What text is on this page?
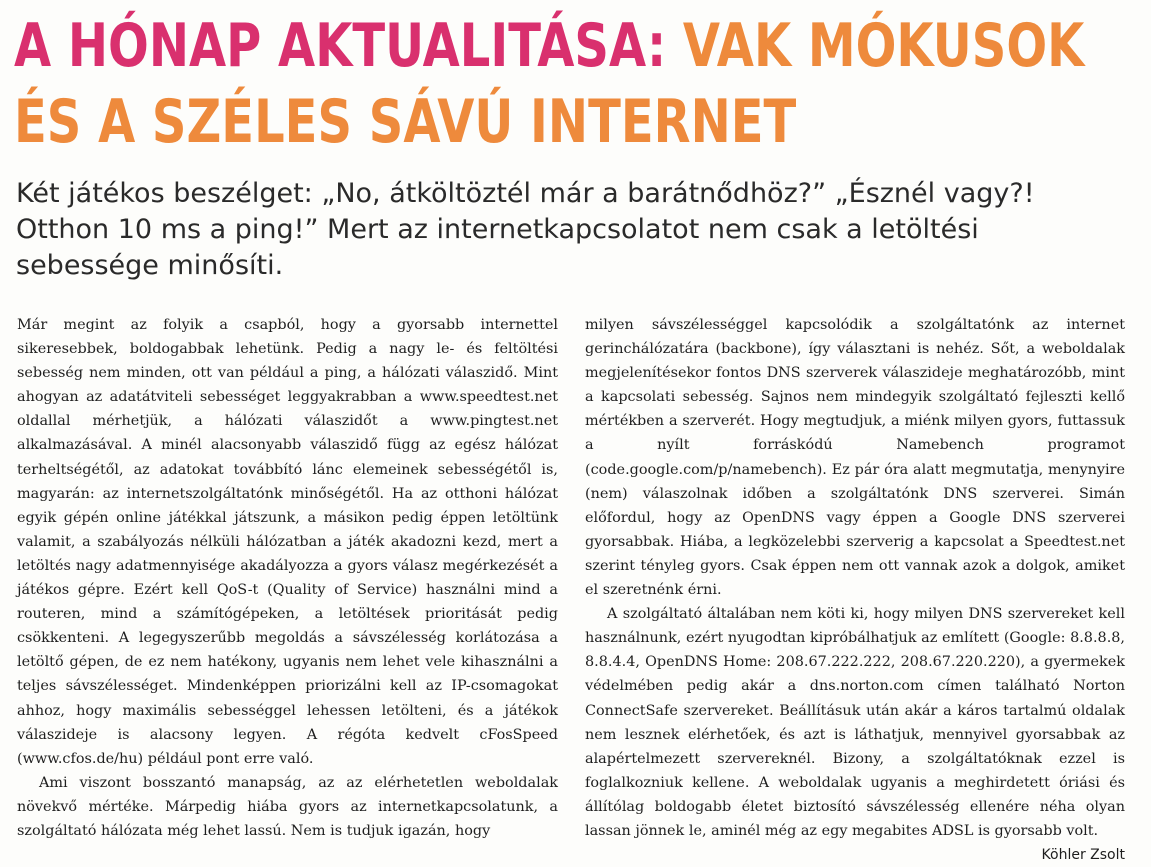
A HÓNAP AKTUALITÁSA: VAK MÓKUSOK
ÉS A SZÉLES SÁVÚ INTERNET

Két játékos beszélget: „No, átköltöztél már a barátnődhöz?” „Észnél vagy?! Otthon 10 ms a ping!” Mert az internetkapcsolatot nem csak a letöltési sebessége minősíti.

Már megint az folyik a csapból, hogy a gyorsabb internettel sikeresebbek, boldogabbak lehetünk. Pedig a nagy le- és feltöltési sebesség nem minden, ott van például a ping, a hálózati válaszidő. Mint ahogyan az adatátviteli sebességet leggyakrabban a www.speedtest.net oldallal mérhetjük, a hálózati válaszidőt a www.pingtest.net alkalmazásával. A minél alacsonyabb válaszidő függ az egész hálózat terheltségétől, az adatokat továbbító lánc elemeinek sebességétől is, magyarán: az internetszolgáltatónk minőségétől. Ha az otthoni hálózat egyik gépén online játékkal játszunk, a másikon pedig éppen letöltünk valamit, a szabályozás nélküli hálózatban a játék akadozni kezd, mert a letöltés nagy adatmennyisége akadályozza a gyors válasz megérkezését a játékos gépre. Ezért kell QoS-t (Quality of Service) használni mind a routeren, mind a számítógépeken, a letöltések prioritását pedig csökkenteni. A legegyszerűbb megoldás a sávszélesség korlátozása a letöltő gépen, de ez nem hatékony, ugyanis nem lehet vele kihasználni a teljes sávszélességet. Mindenképpen priorizálni kell az IP-csomagokat ahhoz, hogy maximális sebességgel lehessen letölteni, és a játékok válaszideje is alacsony legyen. A régóta kedvelt cFosSpeed (www.cfos.de/hu) például pont erre való.

Ami viszont bosszantó manapság, az az elérhetetlen weboldalak növekvő mértéke. Márpedig hiába gyors az internetkapcsolatunk, a szolgáltató hálózata még lehet lassú. Nem is tudjuk igazán, hogy

milyen sávszélességgel kapcsolódik a szolgáltatónk az internet gerinchálózatára (backbone), így választani is nehéz. Sőt, a weboldalak megjelenítésekor fontos DNS szerverek válaszideje meghatározóbb, mint a kapcsolati sebesség. Sajnos nem mindegyik szolgáltató fejleszti kellő mértékben a szerverét. Hogy megtudjuk, a miénk milyen gyors, futtassuk a nyílt forráskódú Namebench programot (code.google.com/p/namebench). Ez pár óra alatt megmutatja, menynyire (nem) válaszolnak időben a szolgáltatónk DNS szerverei. Simán előfordul, hogy az OpenDNS vagy éppen a Google DNS szerverei gyorsabbak. Hiába, a legközelebbi szerverig a kapcsolat a Speedtest.net szerint tényleg gyors. Csak éppen nem ott vannak azok a dolgok, amiket el szeretnénk érni.

A szolgáltató általában nem köti ki, hogy milyen DNS szervereket kell használnunk, ezért nyugodtan kipróbálhatjuk az említett (Google: 8.8.8.8, 8.8.4.4, OpenDNS Home: 208.67.222.222, 208.67.220.220), a gyermekek védelmében pedig akár a dns.norton.com címen található Norton ConnectSafe szervereket. Beállításuk után akár a káros tartalmú oldalak nem lesznek elérhetőek, és azt is láthatjuk, mennyivel gyorsabbak az alapértelmezett szervereknél. Bizony, a szolgáltatóknak ezzel is foglalkozniuk kellene. A weboldalak ugyanis a meghirdetett óriási és állítólag boldogabb életet biztosító sávszélesség ellenére néha olyan lassan jönnek le, aminél még az egy megabites ADSL is gyorsabb volt.
Köhler Zsolt
